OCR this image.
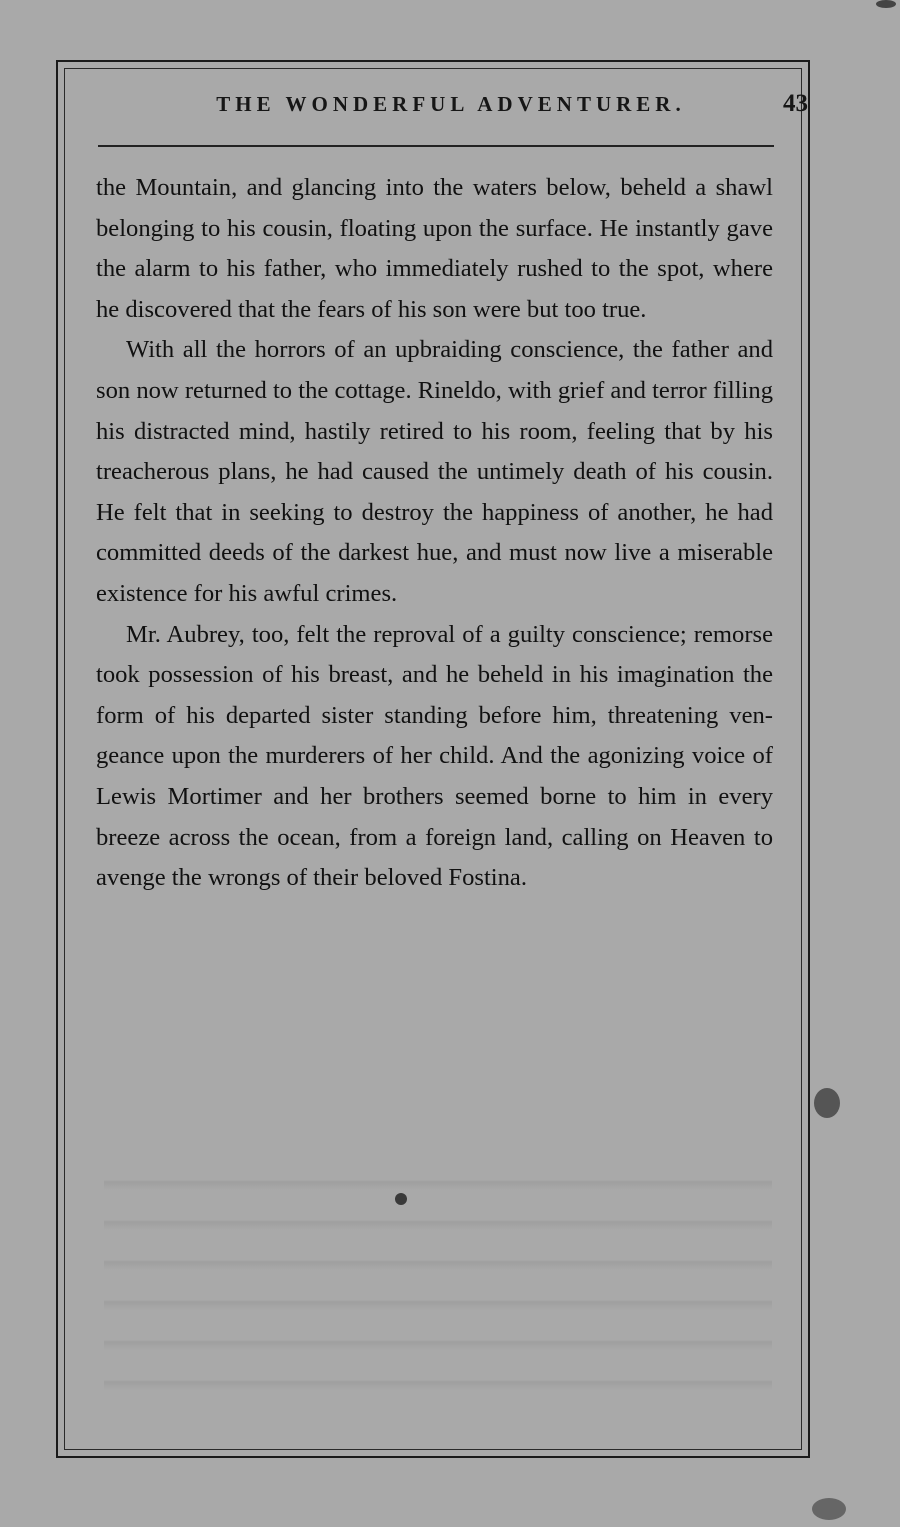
THE WONDERFUL ADVENTURER.	43

the Mountain, and glancing into the waters below, beheld a shawl belonging to his cousin, floating upon the surface. He instantly gave the alarm to his father, who immediately rushed to the spot, where he discovered that the fears of his son were but too true.

With all the horrors of an upbraiding conscience, the father and son now returned to the cottage. Rineldo, with grief and terror filling his distracted mind, hastily retired to his room, feeling that by his treacherous plans, he had caused the untimely death of his cousin. He felt that in seeking to destroy the happiness of another, he had committed deeds of the darkest hue, and must now live a miserable existence for his awful crimes.

Mr. Aubrey, too, felt the reproval of a guilty conscience; remorse took possession of his breast, and he beheld in his imagination the form of his departed sister standing before him, threatening vengeance upon the murderers of her child. And the agonizing voice of Lewis Mortimer and her brothers seemed borne to him in every breeze across the ocean, from a foreign land, calling on Heaven to avenge the wrongs of their beloved Fostina.
